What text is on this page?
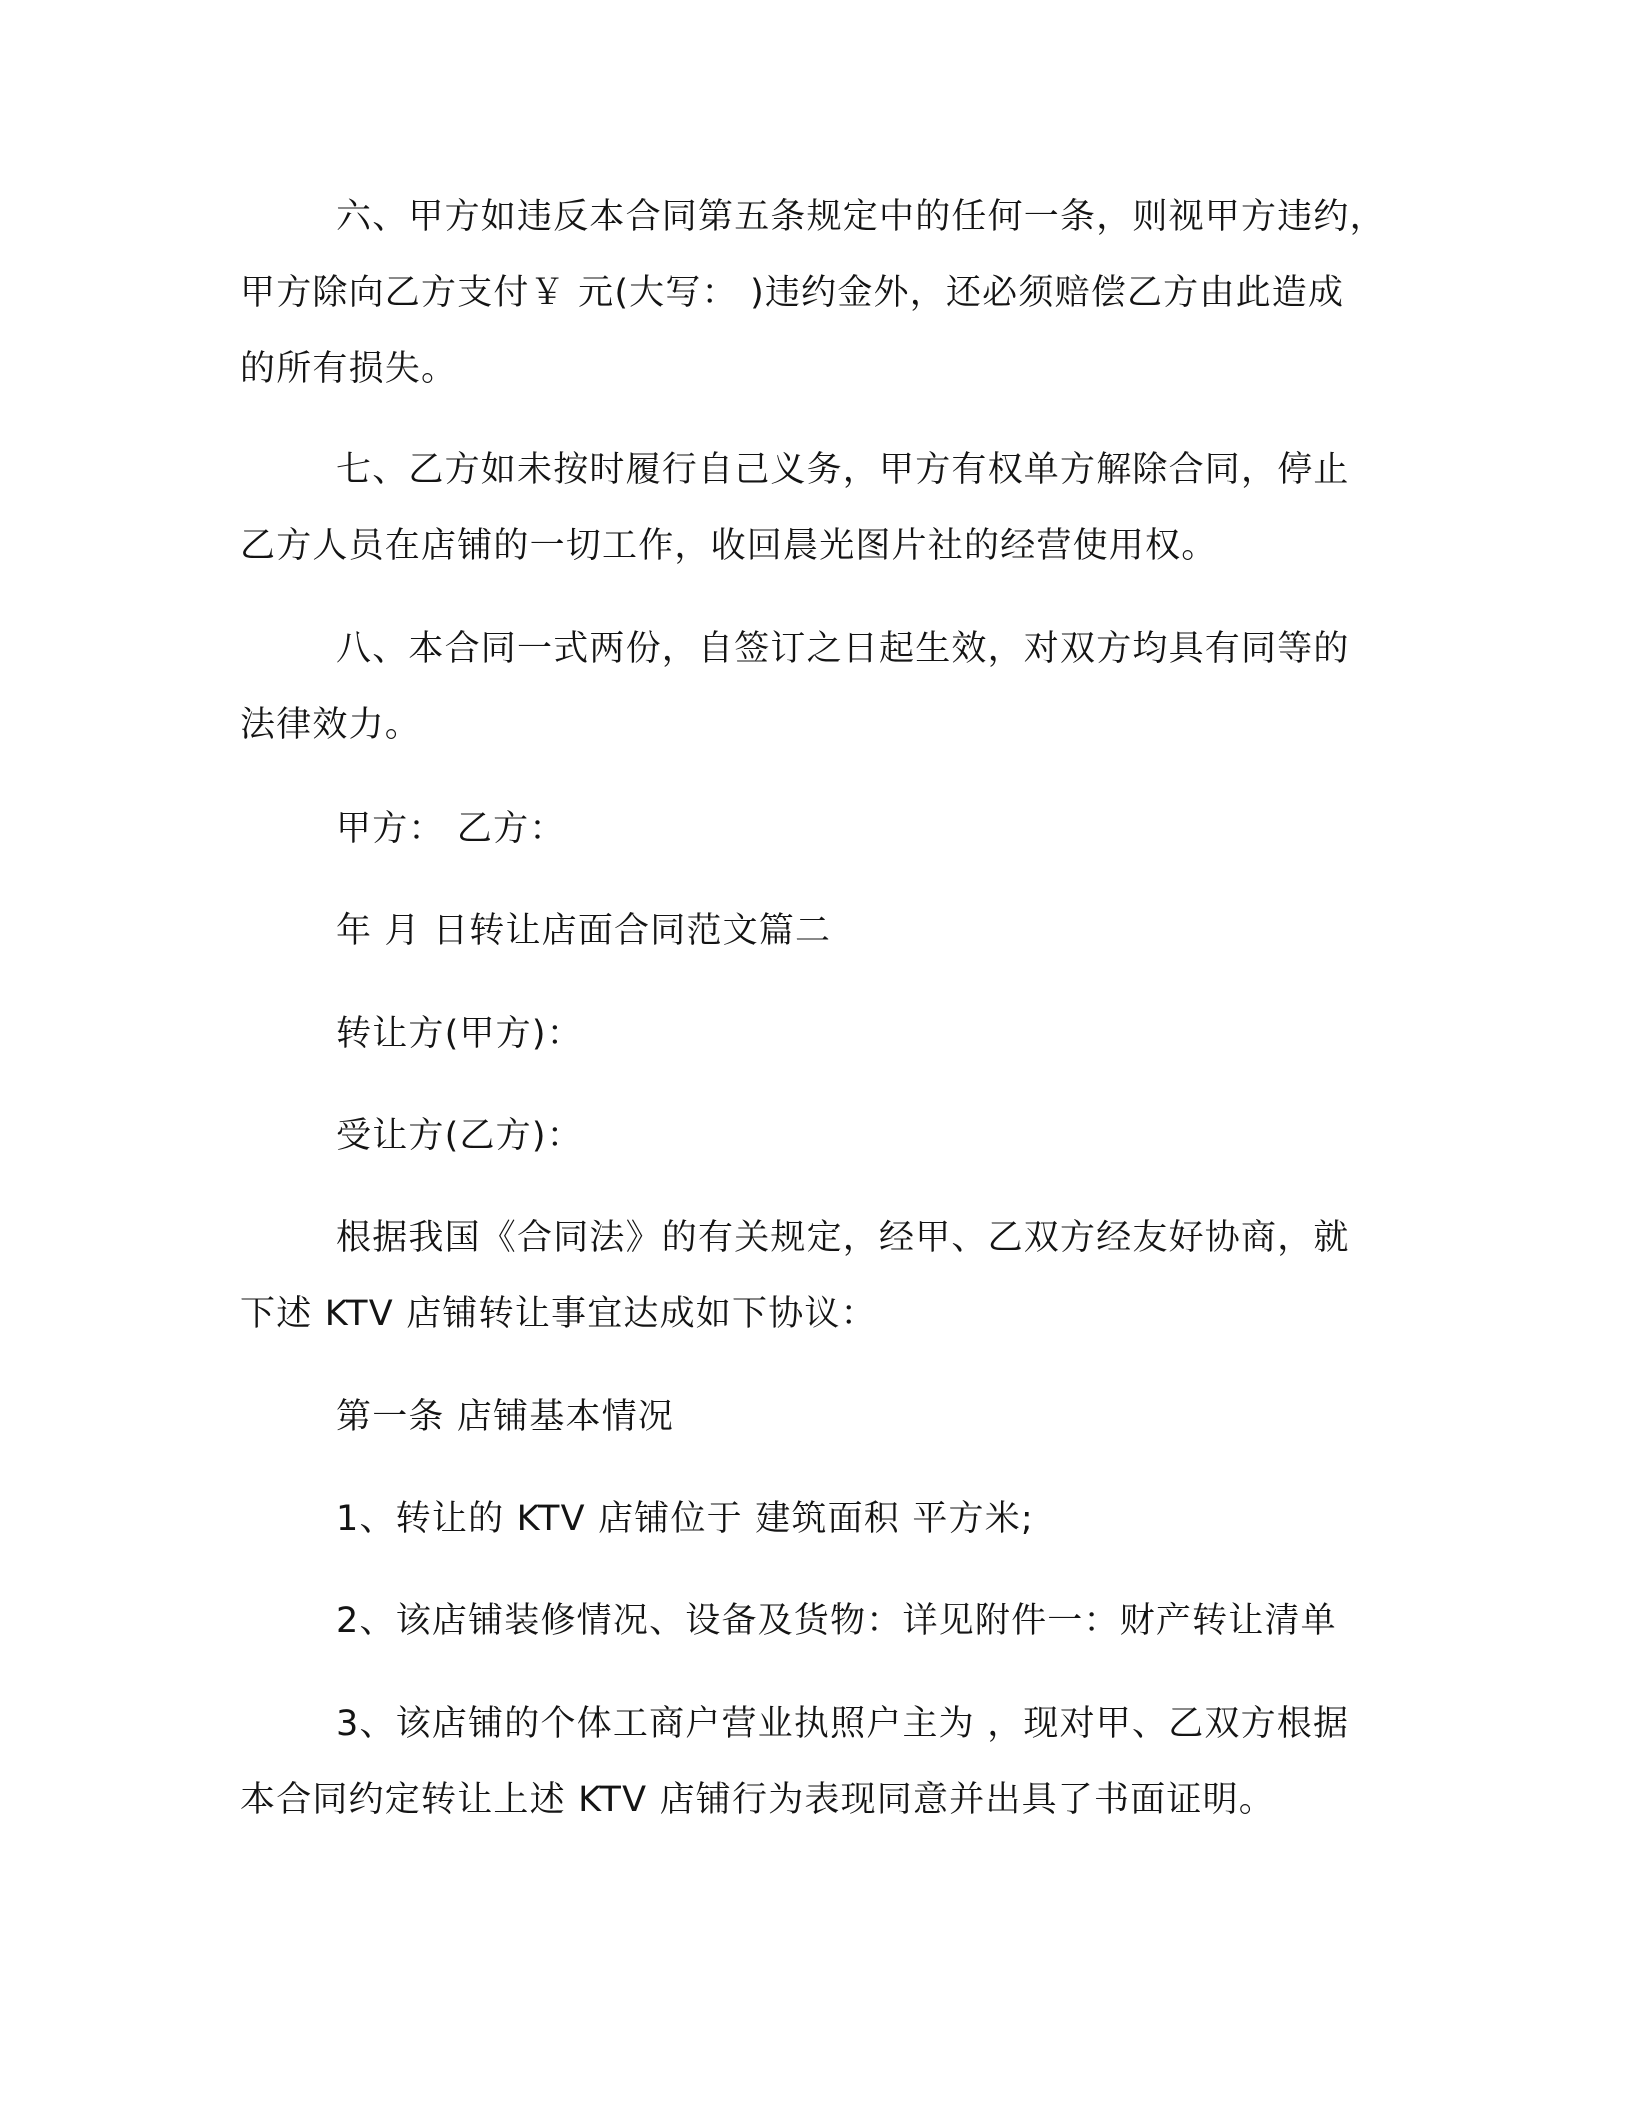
六、甲方如违反本合同第五条规定中的任何一条，则视甲方违约，
甲方除向乙方支付￥ 元(大写： )违约金外，还必须赔偿乙方由此造成
的所有损失。
七、乙方如未按时履行自己义务，甲方有权单方解除合同，停止
乙方人员在店铺的一切工作，收回晨光图片社的经营使用权。
八、本合同一式两份，自签订之日起生效，对双方均具有同等的
法律效力。
甲方： 乙方：
年 月 日转让店面合同范文篇二
转让方(甲方)：
受让方(乙方)：
根据我国《合同法》的有关规定，经甲、乙双方经友好协商，就
下述 KTV 店铺转让事宜达成如下协议：
第一条 店铺基本情况
1、转让的 KTV 店铺位于 建筑面积 平方米;
2、该店铺装修情况、设备及货物：详见附件一：财产转让清单
3、该店铺的个体工商户营业执照户主为 ，现对甲、乙双方根据
本合同约定转让上述 KTV 店铺行为表现同意并出具了书面证明。
